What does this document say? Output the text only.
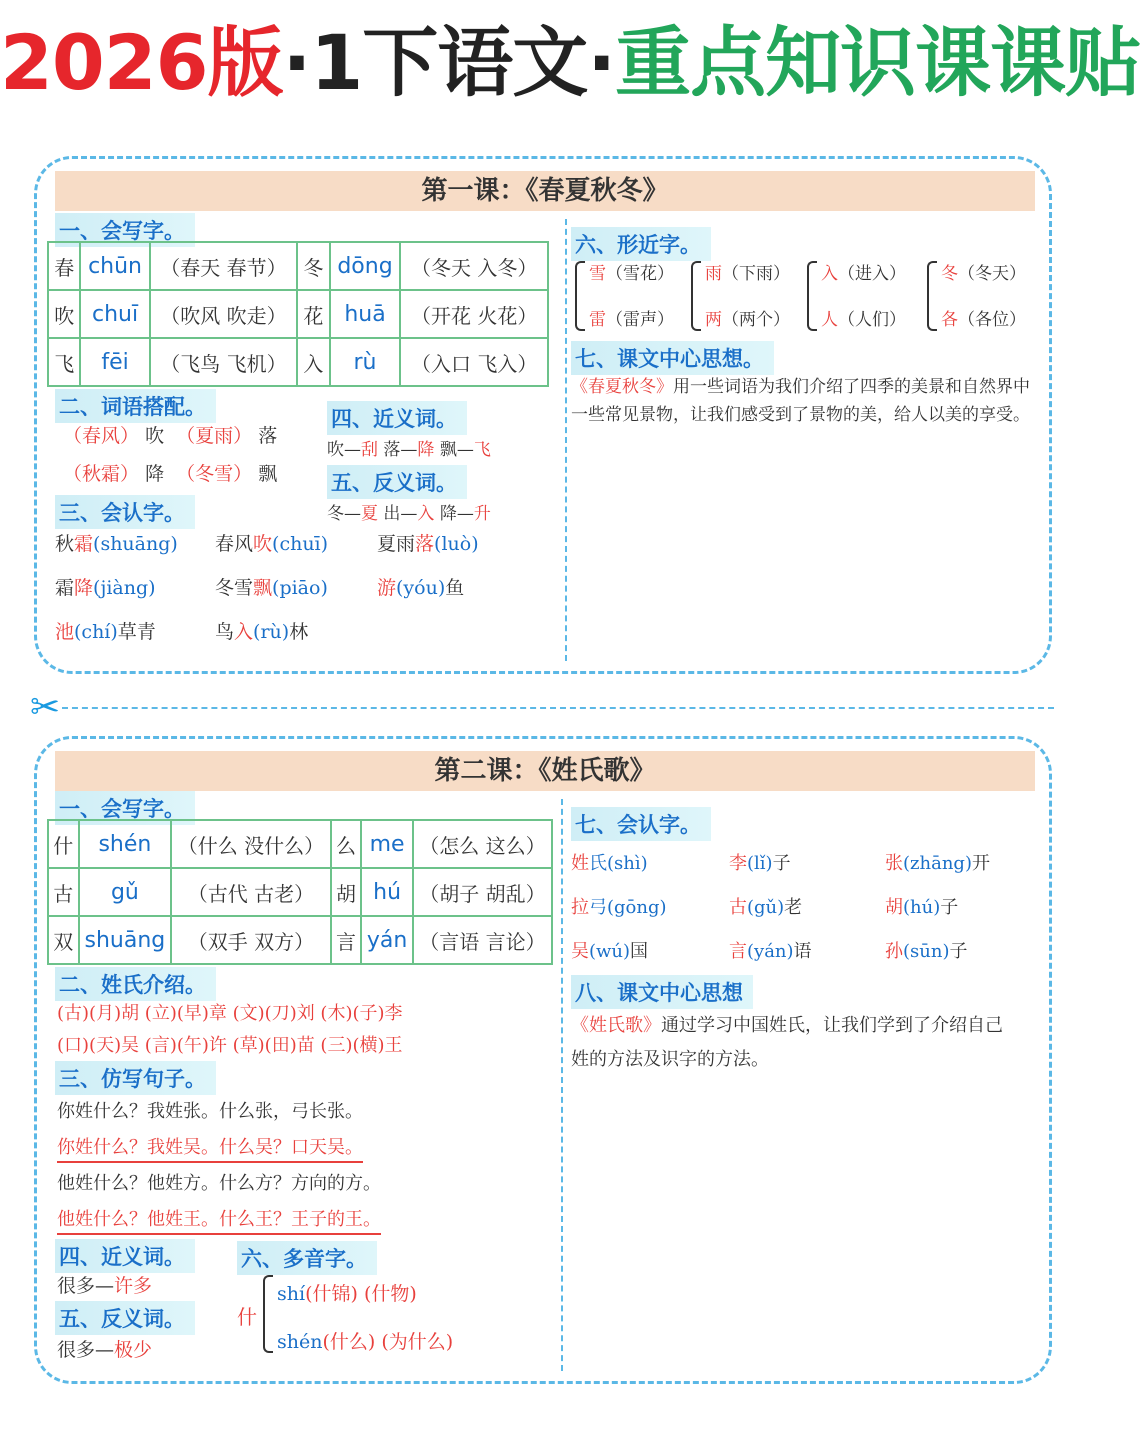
2026版·1下语文·重点知识课课贴
第一课：《春夏秋冬》
一、会写字。
春	chūn	（春天 春节）	冬	dōng	（冬天 入冬）
吹	chuī	（吹风 吹走）	花	huā	（开花 火花）
飞	fēi	（飞鸟 飞机）	入	rù	（入口 飞入）
二、词语搭配。
（春风） 吹 （夏雨） 落
（秋霜） 降 （冬雪） 飘
四、近义词。
吹—刮 落—降 飘—飞
五、反义词。
冬—夏 出—入 降—升
三、会认字。
秋霜(shuāng) 春风吹(chuī)	夏雨落(luò)
霜降(jiàng)	冬雪飘(piāo)	游(yóu)鱼
池(chí)草青	鸟入(rù)林
六、形近字。
雪（雪花）
雷（雷声）
雨（下雨）
两（两个）
入（进入）
人（人们）
冬（冬天）
各（各位）
七、课文中心思想。
《春夏秋冬》用一些词语为我们介绍了四季的美景和自然界中
一些常见景物，让我们感受到了景物的美，给人以美的享受。
✂
第二课：《姓氏歌》
一、会写字。
什	shén	（什么 没什么）	么	me	（怎么 这么）
古	gǔ	（古代 古老）	胡	hú	（胡子 胡乱）
双	shuāng	（双手 双方）	言	yán	（言语 言论）
二、姓氏介绍。
(古)(月)胡 (立)(早)章 (文)(刀)刘 (木)(子)李
(口)(天)吴 (言)(午)许 (草)(田)苗 (三)(横)王
三、仿写句子。
你姓什么？我姓张。什么张，弓长张。
你姓什么？我姓吴。什么吴？口天吴。
他姓什么？他姓方。什么方？方向的方。
他姓什么？他姓王。什么王？王子的王。
四、近义词。
很多—许多
五、反义词。
很多—极少
六、多音字。
什
shí(什锦) (什物)
shén(什么) (为什么)
七、会认字。
姓氏(shì)	李(lǐ)子	张(zhāng)开
拉弓(gōng)	古(gǔ)老	胡(hú)子
吴(wú)国	言(yán)语	孙(sūn)子
八、课文中心思想
《姓氏歌》通过学习中国姓氏，让我们学到了介绍自己
姓的方法及识字的方法。
